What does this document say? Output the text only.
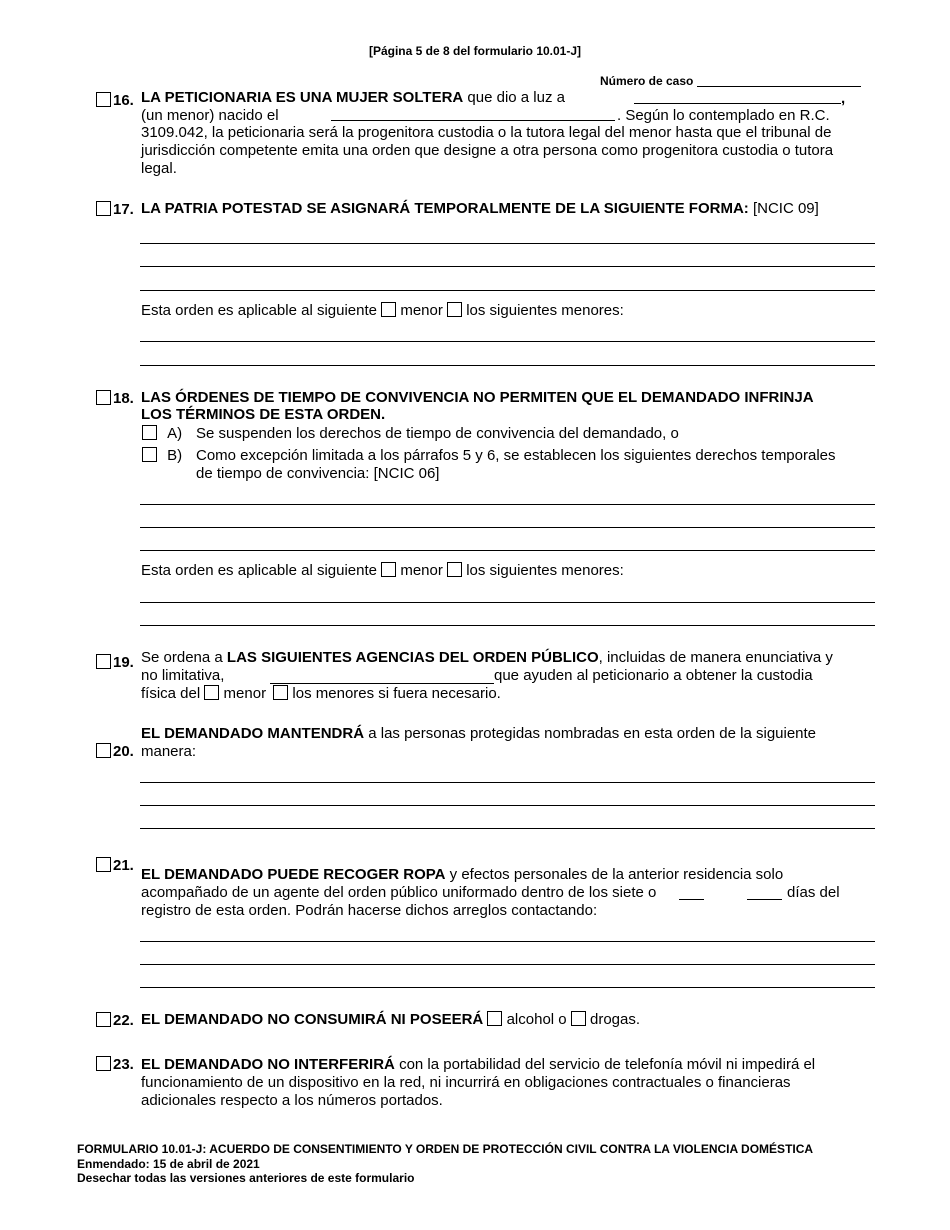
[Página 5 de 8 del formulario 10.01-J]
Número de caso
16. LA PETICIONARIA ES UNA MUJER SOLTERA que dio a luz a	,
(un menor) nacido el	. Según lo contemplado en R.C.
3109.042, la peticionaria será la progenitora custodia o la tutora legal del menor hasta que el tribunal de jurisdicción competente emita una orden que designe a otra persona como progenitora custodia o tutora legal.
17. LA PATRIA POTESTAD SE ASIGNARÁ TEMPORALMENTE DE LA SIGUIENTE FORMA: [NCIC 09]
Esta orden es aplicable al siguiente menor los siguientes menores:
18. LAS ÓRDENES DE TIEMPO DE CONVIVENCIA NO PERMITEN QUE EL DEMANDADO INFRINJA
LOS TÉRMINOS DE ESTA ORDEN.
A) Se suspenden los derechos de tiempo de convivencia del demandado, o
B) Como excepción limitada a los párrafos 5 y 6, se establecen los siguientes derechos temporales
de tiempo de convivencia: [NCIC 06]
Esta orden es aplicable al siguiente menor los siguientes menores:
19. Se ordena a LAS SIGUIENTES AGENCIAS DEL ORDEN PÚBLICO, incluidas de manera enunciativa y
no limitativa,	que ayuden al peticionario a obtener la custodia
física del menor los menores si fuera necesario.
EL DEMANDADO MANTENDRÁ a las personas protegidas nombradas en esta orden de la siguiente
20. manera:
21.
EL DEMANDADO PUEDE RECOGER ROPA y efectos personales de la anterior residencia solo
acompañado de un agente del orden público uniformado dentro de los siete o	días del
registro de esta orden. Podrán hacerse dichos arreglos contactando:
22. EL DEMANDADO NO CONSUMIRÁ NI POSEERÁ alcohol o drogas.
23. EL DEMANDADO NO INTERFERIRÁ con la portabilidad del servicio de telefonía móvil ni impedirá el
funcionamiento de un dispositivo en la red, ni incurrirá en obligaciones contractuales o financieras
adicionales respecto a los números portados.
FORMULARIO 10.01-J: ACUERDO DE CONSENTIMIENTO Y ORDEN DE PROTECCIÓN CIVIL CONTRA LA VIOLENCIA DOMÉSTICA
Enmendado: 15 de abril de 2021
Desechar todas las versiones anteriores de este formulario
